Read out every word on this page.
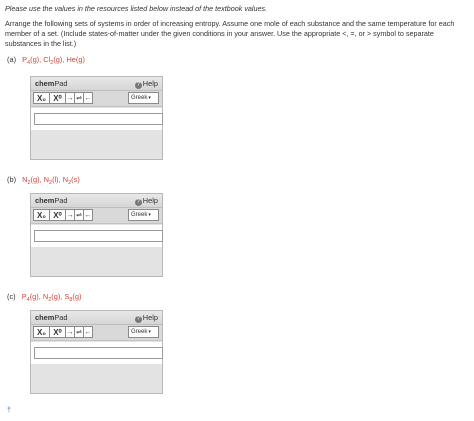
Please use the values in the resources listed below instead of the textbook values.
Arrange the following sets of systems in order of increasing entropy. Assume one mole of each substance and the same temperature for each member of a set. (Include states-of-matter under the given conditions in your answer. Use the appropriate <, =, or > symbol to separate substances in the list.)
(a) $P_4(g)$, $Cl_2(g)$, He(g)
chemPad	? Help
X₀ X⁰ → ⇌ ←	Greek▾
(b) $N_2(g)$, $N_2(l)$, $N_2(s)$
chemPad	? Help
X₀ X⁰ → ⇌ ←	Greek▾
(c) $P_4(g)$, $N_2(g)$, $S_8(g)$
chemPad	? Help
X₀ X⁰ → ⇌ ←	Greek▾
†
